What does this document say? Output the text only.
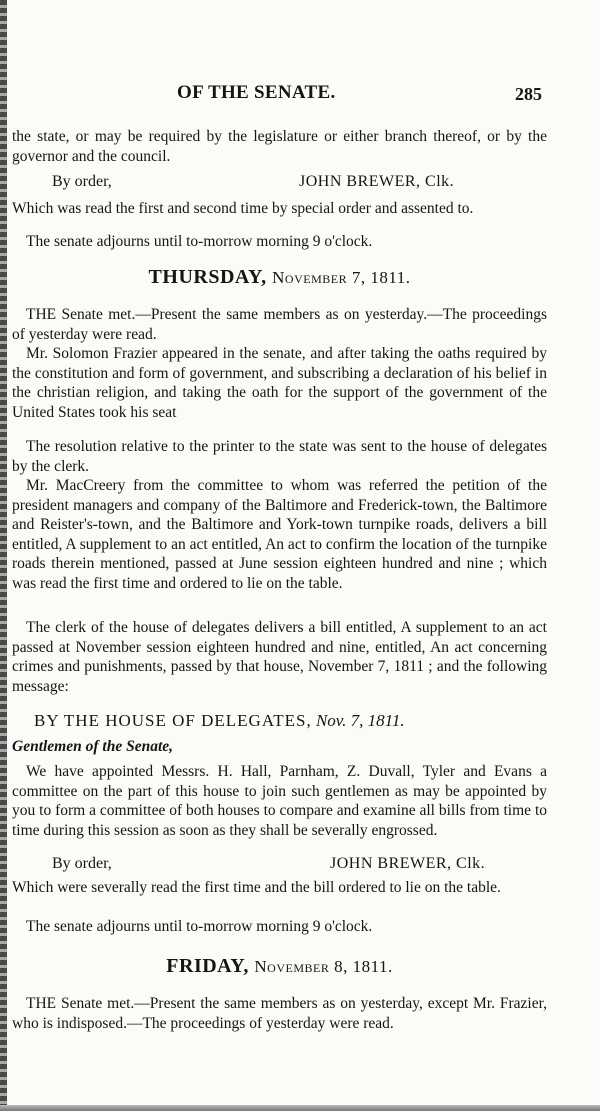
OF THE SENATE.	285
the state, or may be required by the legislature or either branch thereof, or by the governor and the council.
By order,	JOHN BREWER, Clk.
Which was read the first and second time by special order and assented to.
The senate adjourns until to-morrow morning 9 o'clock.
THURSDAY, November 7, 1811.
THE Senate met.—Present the same members as on yesterday.—The proceedings of yesterday were read.
Mr. Solomon Frazier appeared in the senate, and after taking the oaths required by the constitution and form of government, and subscribing a declaration of his belief in the christian religion, and taking the oath for the support of the government of the United States took his seat
The resolution relative to the printer to the state was sent to the house of delegates by the clerk.
Mr. MacCreery from the committee to whom was referred the petition of the president managers and company of the Baltimore and Frederick-town, the Baltimore and Reister's-town, and the Baltimore and York-town turnpike roads, delivers a bill entitled, A supplement to an act entitled, An act to confirm the location of the turnpike roads therein mentioned, passed at June session eighteen hundred and nine ; which was read the first time and ordered to lie on the table.
The clerk of the house of delegates delivers a bill entitled, A supplement to an act passed at November session eighteen hundred and nine, entitled, An act concerning crimes and punishments, passed by that house, November 7, 1811 ; and the following message:
BY THE HOUSE OF DELEGATES, Nov. 7, 1811.
Gentlemen of the Senate,
We have appointed Messrs. H. Hall, Parnham, Z. Duvall, Tyler and Evans a committee on the part of this house to join such gentlemen as may be appointed by you to form a committee of both houses to compare and examine all bills from time to time during this session as soon as they shall be severally engrossed.
By order,	JOHN BREWER, Clk.
Which were severally read the first time and the bill ordered to lie on the table.
The senate adjourns until to-morrow morning 9 o'clock.
FRIDAY, November 8, 1811.
THE Senate met.—Present the same members as on yesterday, except Mr. Frazier, who is indisposed.—The proceedings of yesterday were read.
